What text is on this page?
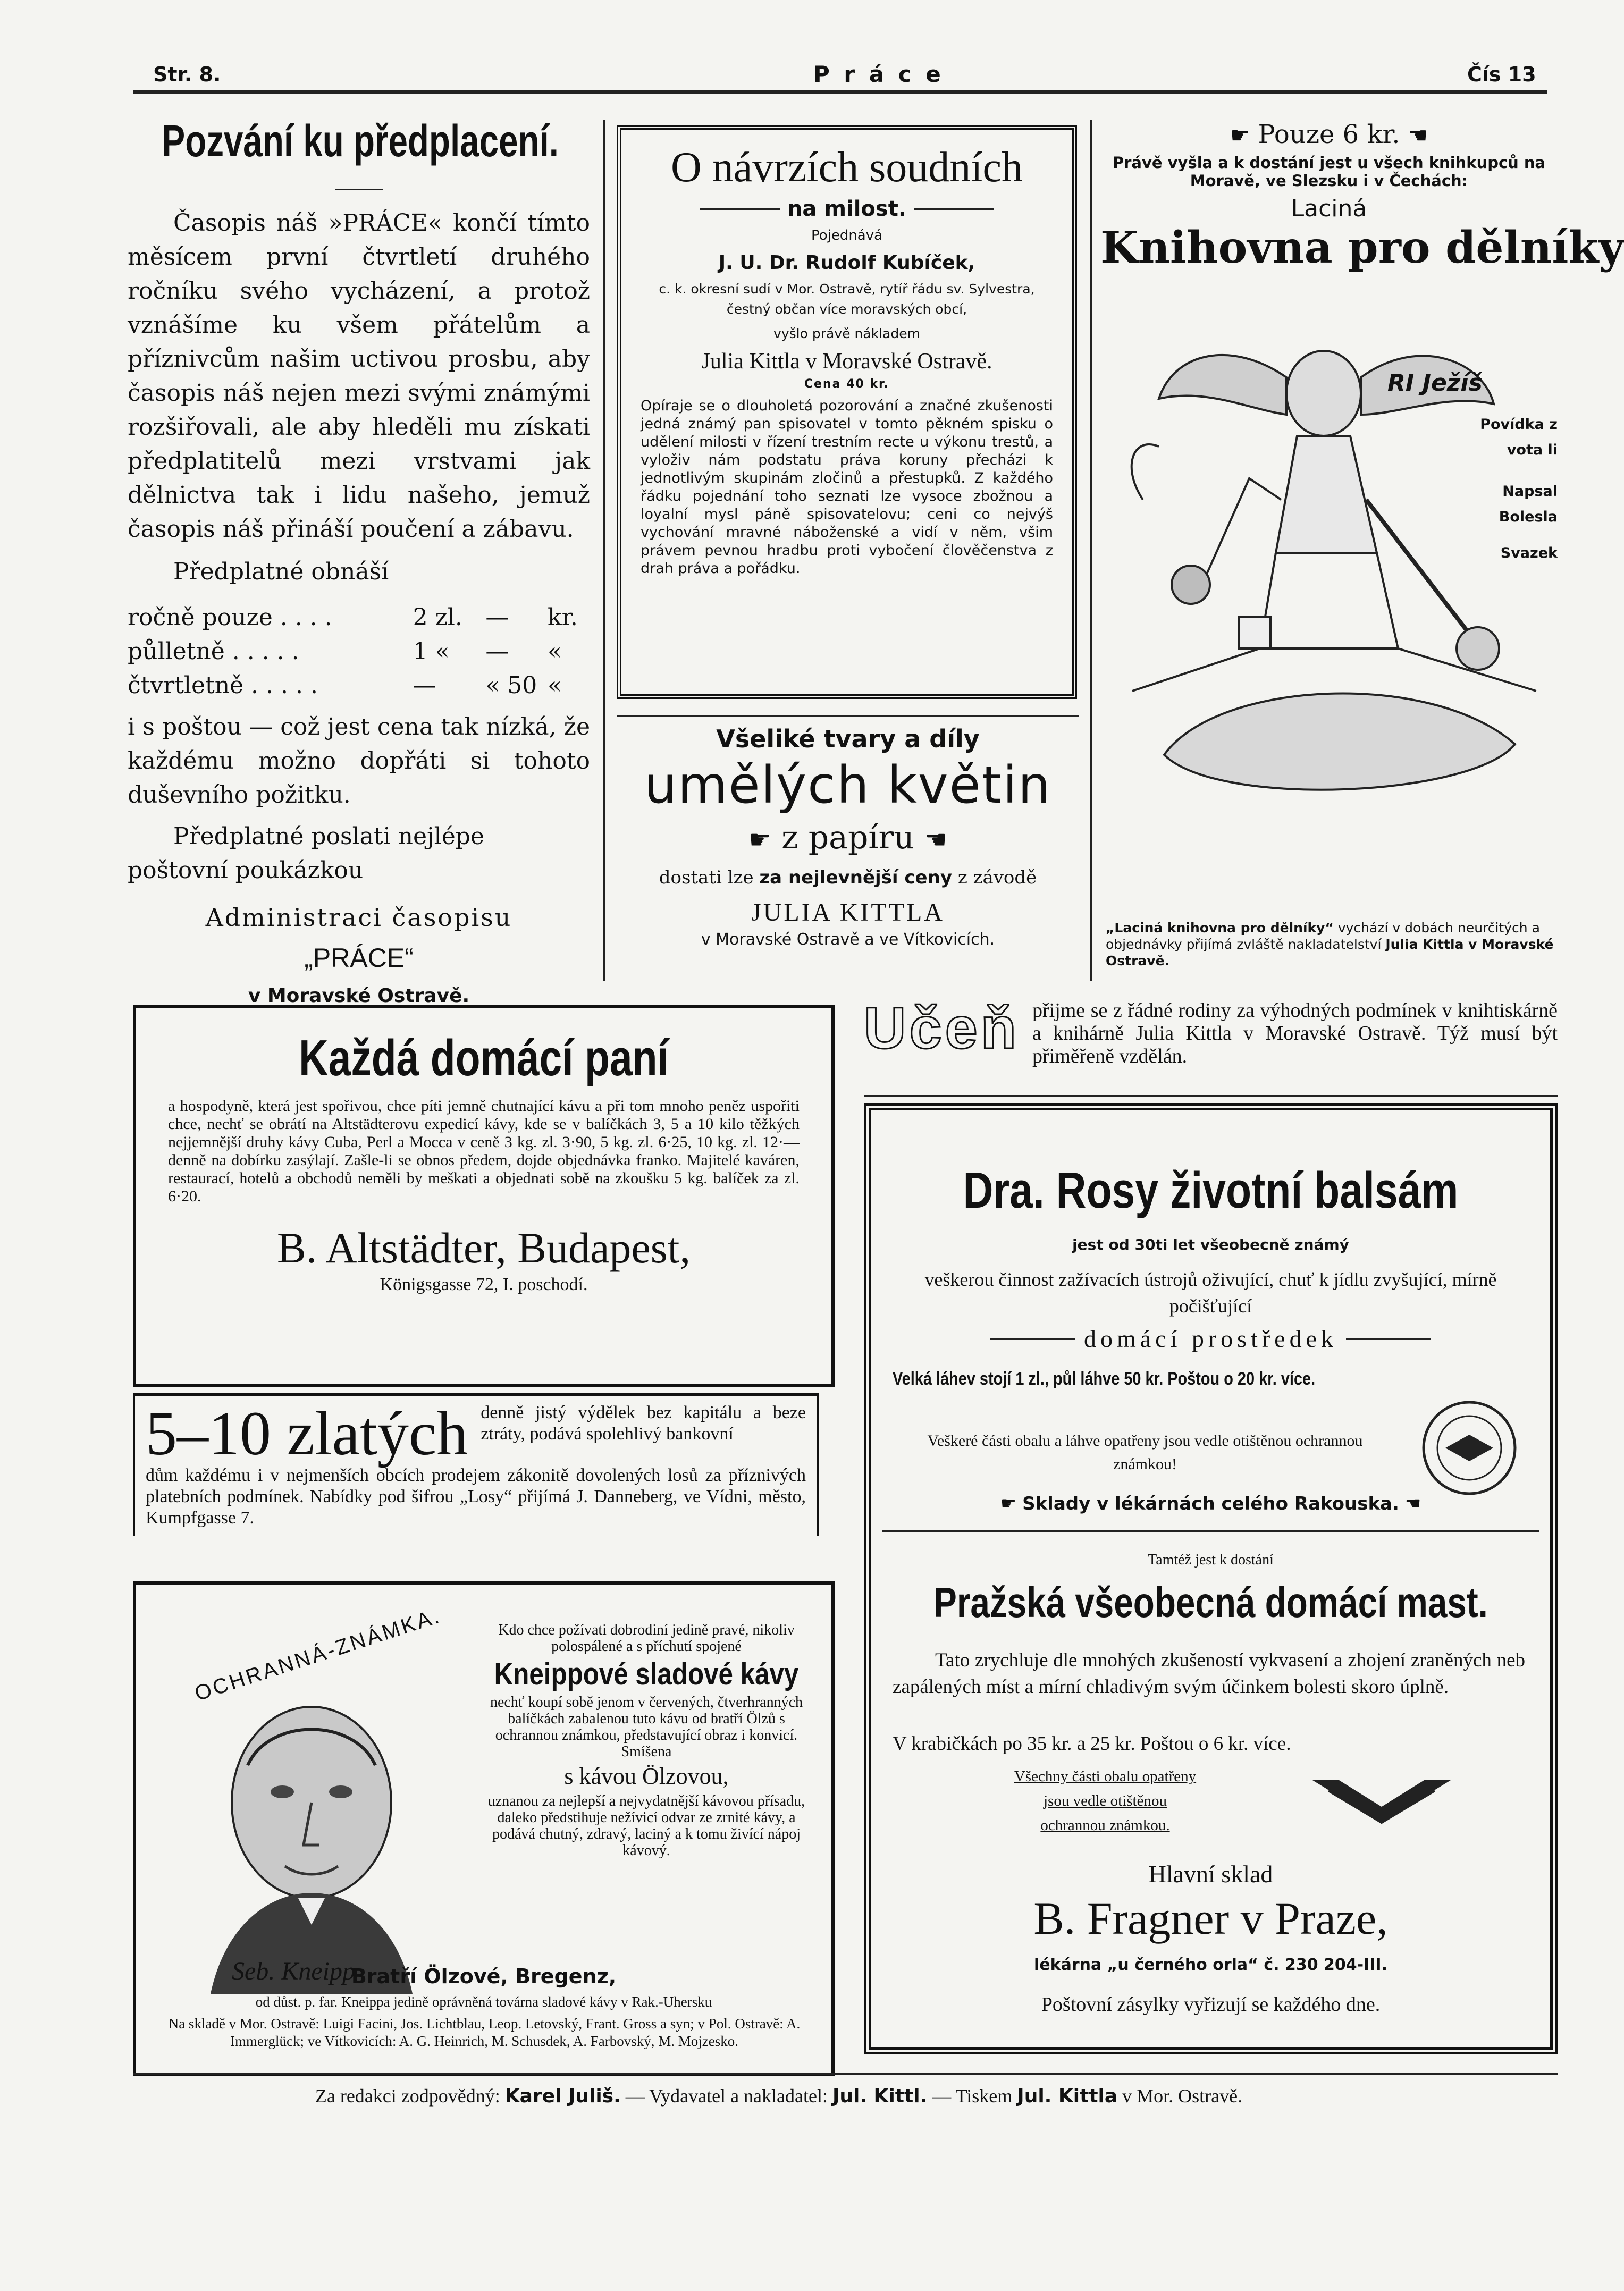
Str. 8.	P r á c e	Čís 13
Pozvání ku předplacení.

Časopis náš »PRÁCE« končí tímto měsícem první čtvrtletí druhého ročníku svého vycházení, a protož vznášíme ku všem přátelům a příznivcům našim uctivou prosbu, aby časopis náš nejen mezi svými známými rozšiřovali, ale aby hleděli mu získati předplatitelů mezi vrstvami jak dělnictva tak i lidu našeho, jemuž časopis náš přináší poučení a zábavu.

Předplatné obnáší

ročně pouze . . . .	2 zl. —	kr.
půlletně . . . . .	1 «	—	«
čtvrtletně . . . . .	—	« 50 «

i s poštou — což jest cena tak nízká, že každému možno dopřáti si tohoto duševního požitku.

Předplatné poslati nejlépe poštovní poukázkou

Administraci časopisu
„PRÁCE“
v Moravské Ostravě.
O návrzích soudních
na milost.
Pojednává
J. U. Dr. Rudolf Kubíček,
c. k. okresní sudí v Mor. Ostravě, rytíř řádu sv. Sylvestra, čestný občan více moravských obcí,
vyšlo právě nákladem
Julia Kittla v Moravské Ostravě.
Cena 40 kr.

Opíraje se o dlouholetá pozorování a značné zkušenosti jedná známý pan spisovatel v tomto pěkném spisku o udělení milosti v řízení trestním recte u výkonu trestů, a vyloživ nám podstatu práva koruny přecházi k jednotlivým skupinám zločinů a přestupků. Z každého řádku pojednání toho seznati lze vysoce zbožnou a loyalní mysl páně spisovatelovu; ceni co nejvýš vychování mravné náboženské a vidí v něm, všim právem pevnou hradbu proti vybočení člověčenstva z drah práva a pořádku.

Všeliké tvary a díly
umělých květin
☛ z papíru ☚
dostati lze za nejlevnější ceny z závodě
JULIA KITTLA
v Moravské Ostravě a ve Vítkovicích.
☛ Pouze 6 kr. ☚
Právě vyšla a k dostání jest u všech knihkupců na Moravě, ve Slezsku i v Čechách:
Laciná
Knihovna pro dělníky
RI Ježíš
Povídka z
vota li
Napsal
Bolesla
Svazek
„Laciná knihovna pro dělníky“ vychází v dobách neurčitých a objednávky přijímá zvláště nakladatelství Julia Kittla v Moravské Ostravě.
Každá domácí paní

a hospodyně, která jest spořivou, chce píti jemně chutnající kávu a při tom mnoho peněz uspořiti chce, nechť se obrátí na Altstädterovu expedicí kávy, kde se v balíčkách 3, 5 a 10 kilo těžkých nejjemnější druhy kávy Cuba, Perl a Mocca v ceně 3 kg. zl. 3·90, 5 kg. zl. 6·25, 10 kg. zl. 12·— denně na dobírku zasýlají. Zašle-li se obnos předem, dojde objednávka franko. Majitelé kaváren, restaurací, hotelů a obchodů neměli by meškati a objednati sobě na zkoušku 5 kg. balíček za zl. 6·20.

B. Altstädter, Budapest,
Königsgasse 72, I. poschodí.
5–10 zlatých denně jistý výdělek bez kapitálu a beze ztráty, podává spolehlivý bankovní

dům každému i v nejmenších obcích prodejem zákonitě dovolených losů za příznivých platebních podmínek. Nabídky pod šifrou „Losy“ přijímá J. Danneberg, ve Vídni, město, Kumpfgasse 7.

OCHRANNÁ-ZNÁMKA.
Seb. Kneipp

Kdo chce požívati dobrodiní jedině pravé, nikoliv polospálené a s příchutí spojené

Kneippové sladové kávy

nechť koupí sobě jenom v červených, čtverhranných balíčkách zabalenou tuto kávu od bratří Ölzů s ochrannou známkou, představující obraz i konvicí. Smíšena

s kávou Ölzovou,

uznanou za nejlepší a nejvydatnější kávovou přísadu, daleko předstihuje nežívicí odvar ze zrnité kávy, a podává chutný, zdravý, laciný a k tomu živící nápoj kávový.

Bratří Ölzové, Bregenz,
od důst. p. far. Kneippa jedině oprávněná továrna sladové kávy v Rak.-Uhersku
Na skladě v Mor. Ostravě: Luigi Facini, Jos. Lichtblau, Leop. Letovský, Frant. Gross a syn; v Pol. Ostravě: A. Immerglück; ve Vítkovicích: A. G. Heinrich, M. Schusdek, A. Farbovský, M. Mojzesko.
Učeň přijme se z řádné rodiny za výhodných podmínek v knihtiskárně a knihárně Julia Kittla v Moravské Ostravě. Týž musí být přiměřeně vzdělán.

Dra. Rosy životní balsám
jest od 30ti let všeobecně známý
veškerou činnost zažívacích ústrojů oživující, chuť k jídlu zvyšující, mírně počišťující
domácí prostředek
Velká láhev stojí 1 zl., půl láhve 50 kr. Poštou o 20 kr. více.
Veškeré části obalu a láhve opatřeny jsou vedle otištěnou ochrannou známkou!
☛ Sklady v lékárnách celého Rakouska. ☚
Tamtéž jest k dostání
Pražská všeobecná domácí mast.

Tato zrychluje dle mnohých zkušeností vykvasení a zhojení zraněných neb zapálených míst a mírní chladivým svým účinkem bolesti skoro úplně.

V krabičkách po 35 kr. a 25 kr. Poštou o 6 kr. více.
Všechny části obalu opatřeny jsou vedle otištěnou ochrannou známkou.
Hlavní sklad
B. Fragner v Praze,
lékárna „u černého orla“ č. 230 204-III.
Poštovní zásylky vyřizují se každého dne.
Za redakci zodpovědný: Karel Juliš. — Vydavatel a nakladatel: Jul. Kittl. — Tiskem Jul. Kittla v Mor. Ostravě.
